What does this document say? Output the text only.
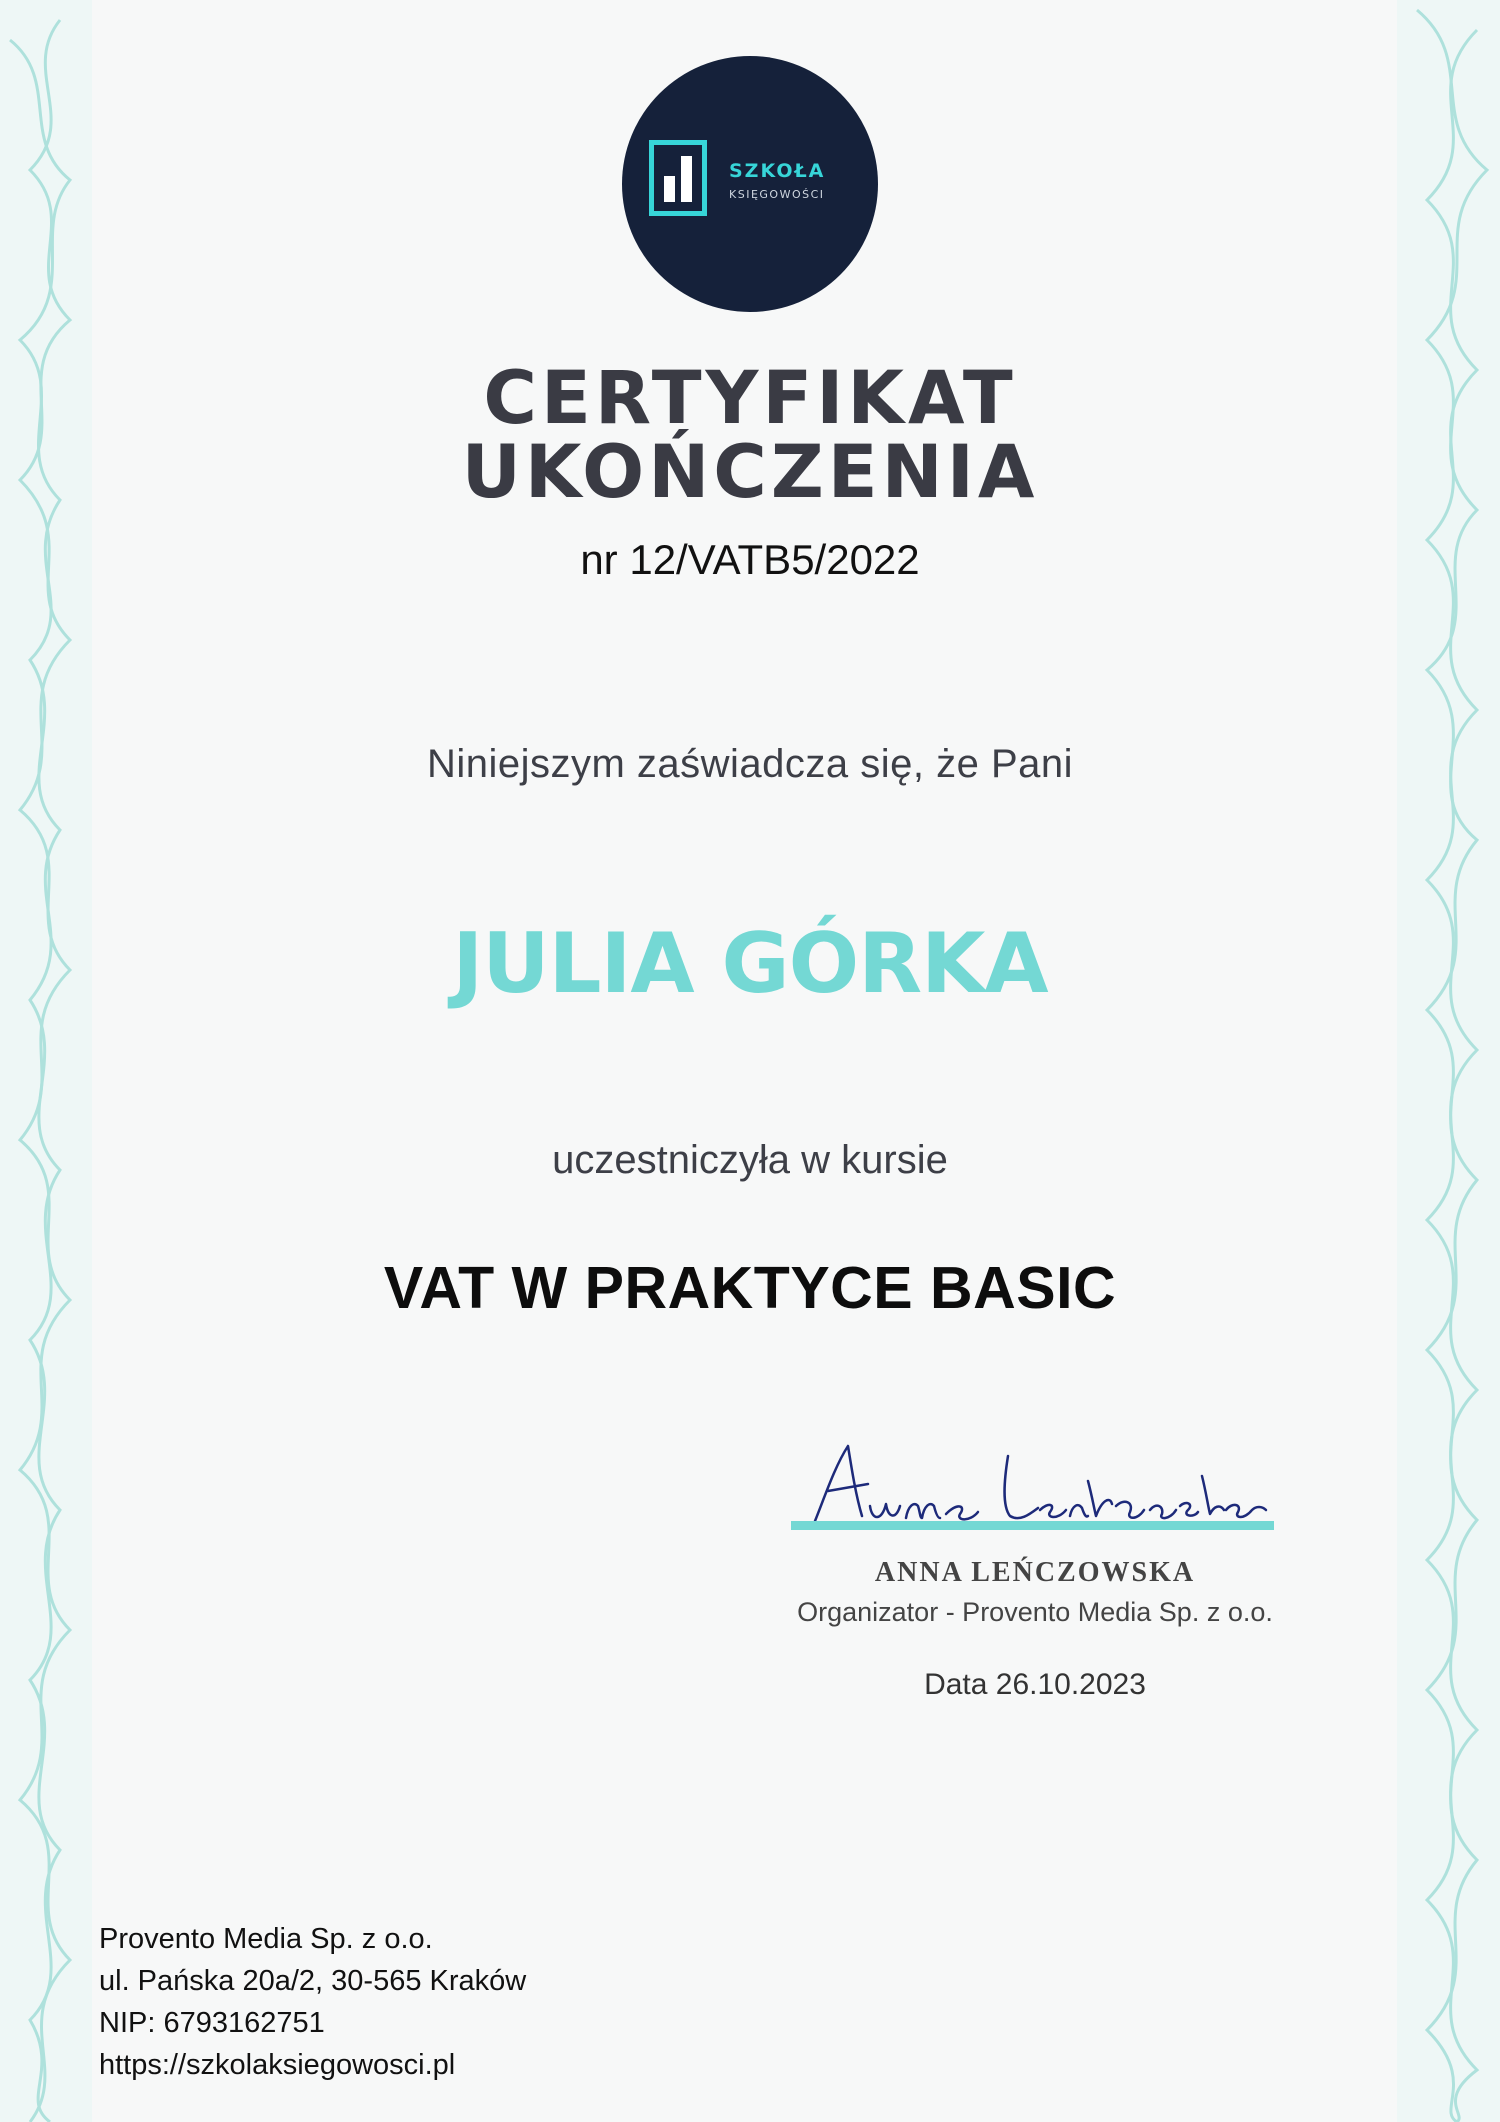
SZKOŁA
KSIĘGOWOŚCI
CERTYFIKAT
UKOŃCZENIA
nr 12/VATB5/2022
Niniejszym zaświadcza się, że Pani
JULIA GÓRKA
uczestniczyła w kursie
VAT W PRAKTYCE BASIC
ANNA LEŃCZOWSKA
Organizator - Provento Media Sp. z o.o.
Data 26.10.2023
Provento Media Sp. z o.o.
ul. Pańska 20a/2, 30-565 Kraków
NIP: 6793162751
https://szkolaksiegowosci.pl
